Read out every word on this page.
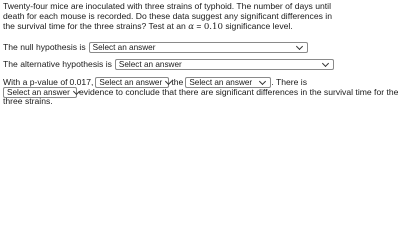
Twenty-four mice are inoculated with three strains of typhoid. The number of days until death for each mouse is recorded. Do these data suggest any significant differences in the survival time for the three strains? Test at an α = 0.10 significance level.
The null hypothesis is Select an answer
The alternative hypothesis is Select an answer
With a p-value of 0.017 , Select an answer the Select an answer . There is
Select an answer evidence to conclude that there are significant differences in the survival time for the
three strains.
